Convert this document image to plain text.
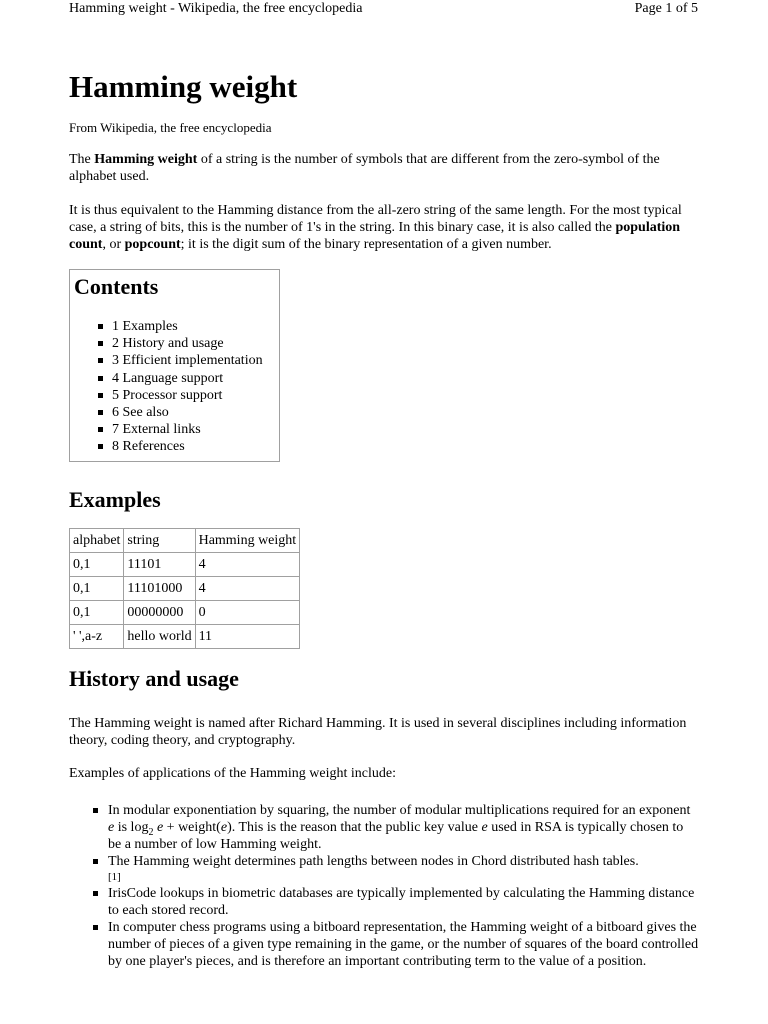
Hamming weight - Wikipedia, the free encyclopedia	Page 1 of 5
Hamming weight
From Wikipedia, the free encyclopedia

The Hamming weight of a string is the number of symbols that are different from the zero-symbol of the alphabet used.

It is thus equivalent to the Hamming distance from the all-zero string of the same length. For the most typical case, a string of bits, this is the number of 1's in the string. In this binary case, it is also called the population count, or popcount; it is the digit sum of the binary representation of a given number.

Contents
1 Examples
2 History and usage
3 Efficient implementation
4 Language support
5 Processor support
6 See also
7 External links
8 References
Examples
alphabet	string	Hamming weight
0,1	11101	4
0,1	11101000	4
0,1	00000000	0
' ',a-z	hello world	11
History and usage

The Hamming weight is named after Richard Hamming. It is used in several disciplines including information theory, coding theory, and cryptography.

Examples of applications of the Hamming weight include:

In modular exponentiation by squaring, the number of modular multiplications required for an exponent e is $\log_2 e$ + weight(e). This is the reason that the public key value e used in RSA is typically chosen to be a number of low Hamming weight.
The Hamming weight determines path lengths between nodes in Chord distributed hash tables.
[1]
IrisCode lookups in biometric databases are typically implemented by calculating the Hamming distance to each stored record.
In computer chess programs using a bitboard representation, the Hamming weight of a bitboard gives the number of pieces of a given type remaining in the game, or the number of squares of the board controlled by one player's pieces, and is therefore an important contributing term to the value of a position.
